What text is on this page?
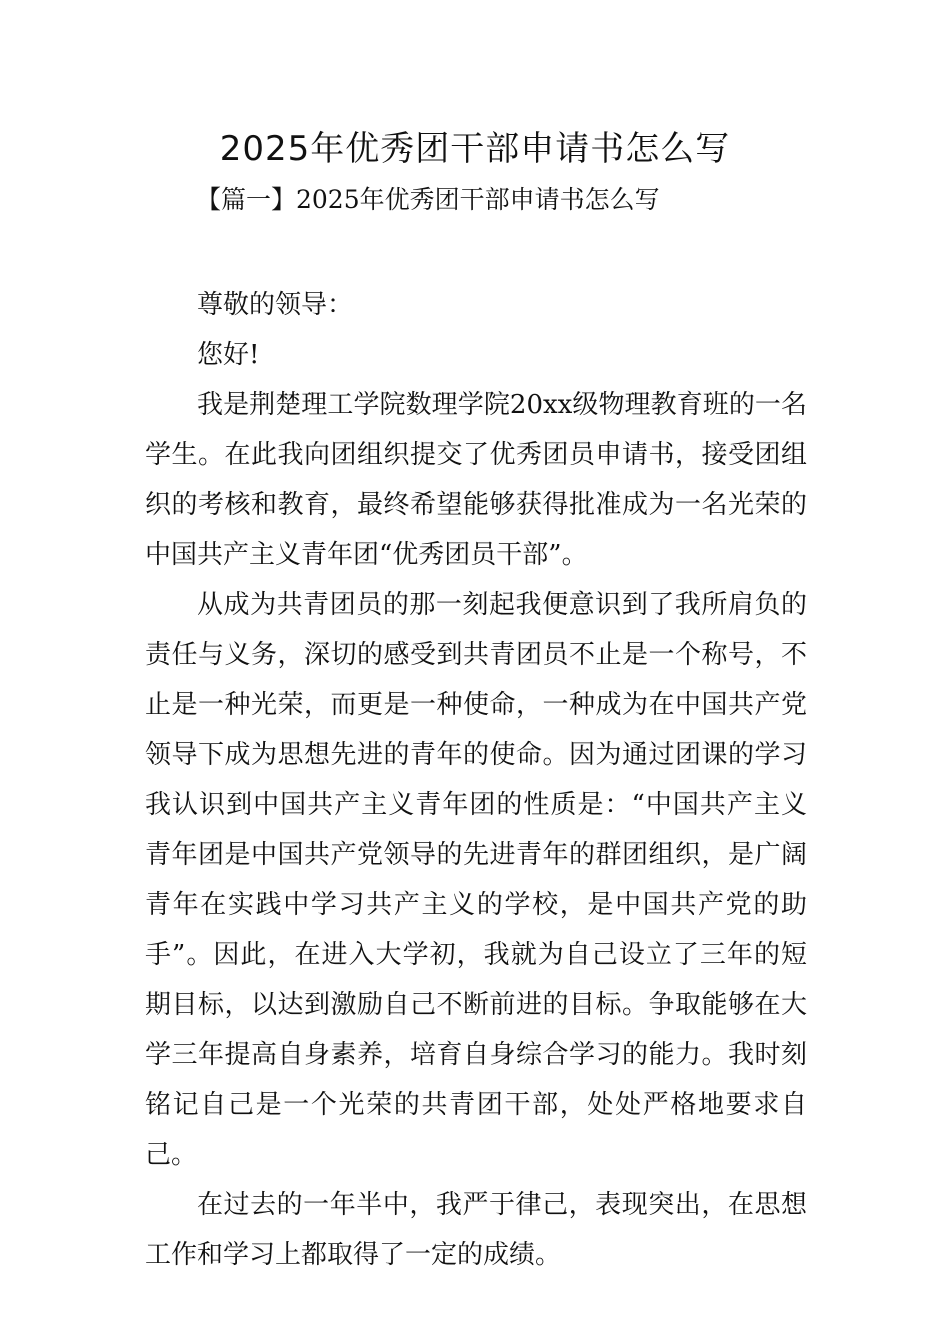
2025年优秀团干部申请书怎么写

【篇一】2025年优秀团干部申请书怎么写

尊敬的领导：

您好!

我是荆楚理工学院数理学院20xx级物理教育班的一名学生。在此我向团组织提交了优秀团员申请书，接受团组织的考核和教育，最终希望能够获得批准成为一名光荣的中国共产主义青年团“优秀团员干部”。

从成为共青团员的那一刻起我便意识到了我所肩负的责任与义务，深切的感受到共青团员不止是一个称号，不止是一种光荣，而更是一种使命，一种成为在中国共产党领导下成为思想先进的青年的使命。因为通过团课的学习我认识到中国共产主义青年团的性质是：“中国共产主义青年团是中国共产党领导的先进青年的群团组织，是广阔青年在实践中学习共产主义的学校，是中国共产党的助手”。因此，在进入大学初，我就为自己设立了三年的短期目标，以达到激励自己不断前进的目标。争取能够在大学三年提高自身素养，培育自身综合学习的能力。我时刻铭记自己是一个光荣的共青团干部，处处严格地要求自己。

在过去的一年半中，我严于律己，表现突出，在思想工作和学习上都取得了一定的成绩。
